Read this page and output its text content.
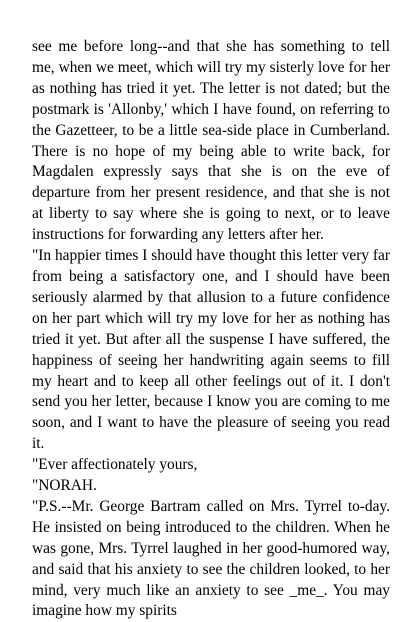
see me before long--and that she has something to tell me, when we meet, which will try my sisterly love for her as nothing has tried it yet. The letter is not dated; but the postmark is 'Allonby,' which I have found, on referring to the Gazetteer, to be a little sea-side place in Cumberland. There is no hope of my being able to write back, for Magdalen expressly says that she is on the eve of departure from her present residence, and that she is not at liberty to say where she is going to next, or to leave instructions for forwarding any letters after her.

"In happier times I should have thought this letter very far from being a satisfactory one, and I should have been seriously alarmed by that allusion to a future confidence on her part which will try my love for her as nothing has tried it yet. But after all the suspense I have suffered, the happiness of seeing her handwriting again seems to fill my heart and to keep all other feelings out of it. I don't send you her letter, because I know you are coming to me soon, and I want to have the pleasure of seeing you read it.

"Ever affectionately yours,

"NORAH.

"P.S.--Mr. George Bartram called on Mrs. Tyrrel to-day. He insisted on being introduced to the children. When he was gone, Mrs. Tyrrel laughed in her good-humored way, and said that his anxiety to see the children looked, to her mind, very much like an anxiety to see _me_. You may imagine how my spirits
